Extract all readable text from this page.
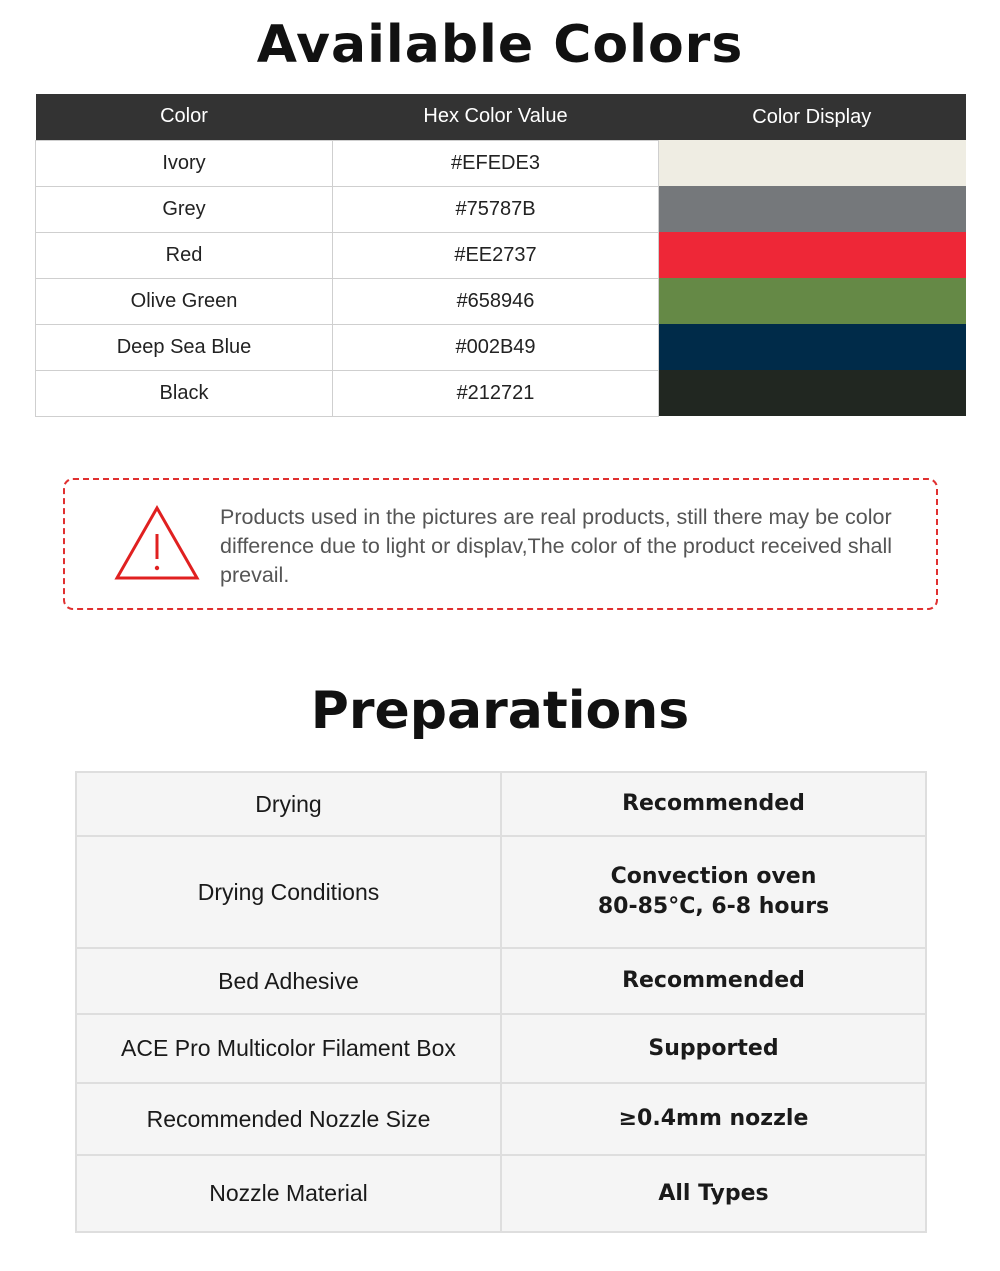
Available Colors
Color	Hex Color Value	Color Display
Ivory	#EFEDE3	
Grey	#75787B	
Red	#EE2737	
Olive Green	#658946	
Deep Sea Blue	#002B49	
Black	#212721	
Products used in the pictures are real products, still there may be color difference due to light or displav,The color of the product received shall prevail.
Preparations
Drying	Recommended

Drying Conditions	Convection oven
80-85°C, 6-8 hours

Bed Adhesive	Recommended

ACE Pro Multicolor Filament Box	Supported

Recommended Nozzle Size	≥0.4mm nozzle

Nozzle Material	All Types
